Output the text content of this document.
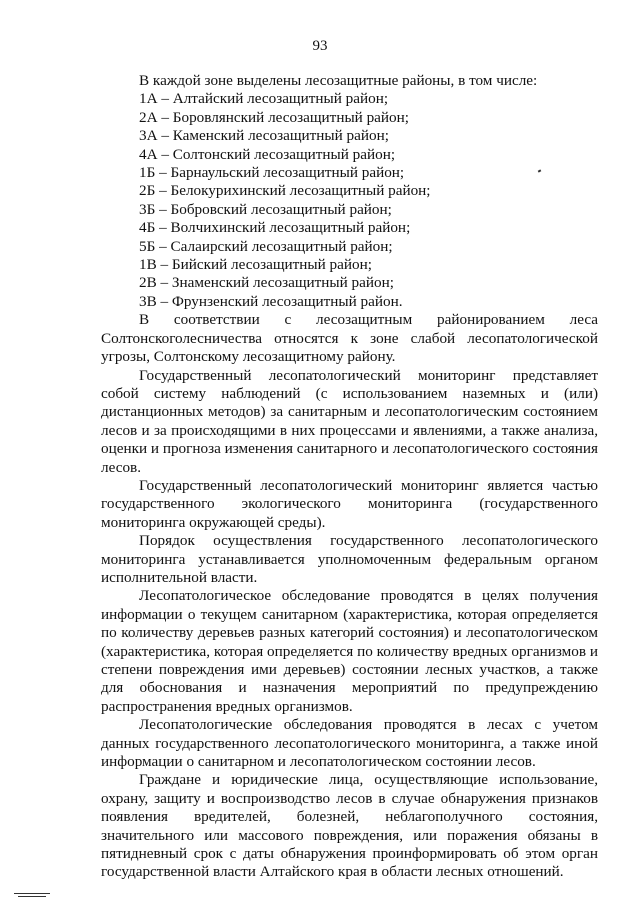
93

В каждой зоне выделены лесозащитные районы, в том числе:

1А – Алтайский лесозащитный район;
2А – Боровлянский лесозащитный район;
3А – Каменский лесозащитный район;
4А – Солтонский лесозащитный район;
1Б – Барнаульский лесозащитный район;
2Б – Белокурихинский лесозащитный район;
3Б – Бобровский лесозащитный район;
4Б – Волчихинский лесозащитный район;
5Б – Салаирский лесозащитный район;
1В – Бийский лесозащитный район;
2В – Знаменский лесозащитный район;
3В – Фрунзенский лесозащитный район.

В соответствии с лесозащитным районированием леса Солтонскоголесничества относятся к зоне слабой лесопатологической угрозы, Солтонскому лесозащитному району.

Государственный лесопатологический мониторинг представляет собой систему наблюдений (с использованием наземных и (или) дистанционных методов) за санитарным и лесопатологическим состоянием лесов и за происходящими в них процессами и явлениями, а также анализа, оценки и прогноза изменения санитарного и лесопатологического состояния лесов.

Государственный лесопатологический мониторинг является частью государственного экологического мониторинга (государственного мониторинга окружающей среды).

Порядок осуществления государственного лесопатологического мониторинга устанавливается уполномоченным федеральным органом исполнительной власти.

Лесопатологическое обследование проводятся в целях получения информации о текущем санитарном (характеристика, которая определяется по количеству деревьев разных категорий состояния) и лесопатологическом (характеристика, которая определяется по количеству вредных организмов и степени повреждения ими деревьев) состоянии лесных участков, а также для обоснования и назначения мероприятий по предупреждению распространения вредных организмов.

Лесопатологические обследования проводятся в лесах с учетом данных государственного лесопатологического мониторинга, а также иной информации о санитарном и лесопатологическом состоянии лесов.

Граждане и юридические лица, осуществляющие использование, охрану, защиту и воспроизводство лесов в случае обнаружения признаков появления вредителей, болезней, неблагополучного состояния, значительного или массового повреждения, или поражения обязаны в пятидневный срок с даты обнаружения проинформировать об этом орган государственной власти Алтайского края в области лесных отношений.
